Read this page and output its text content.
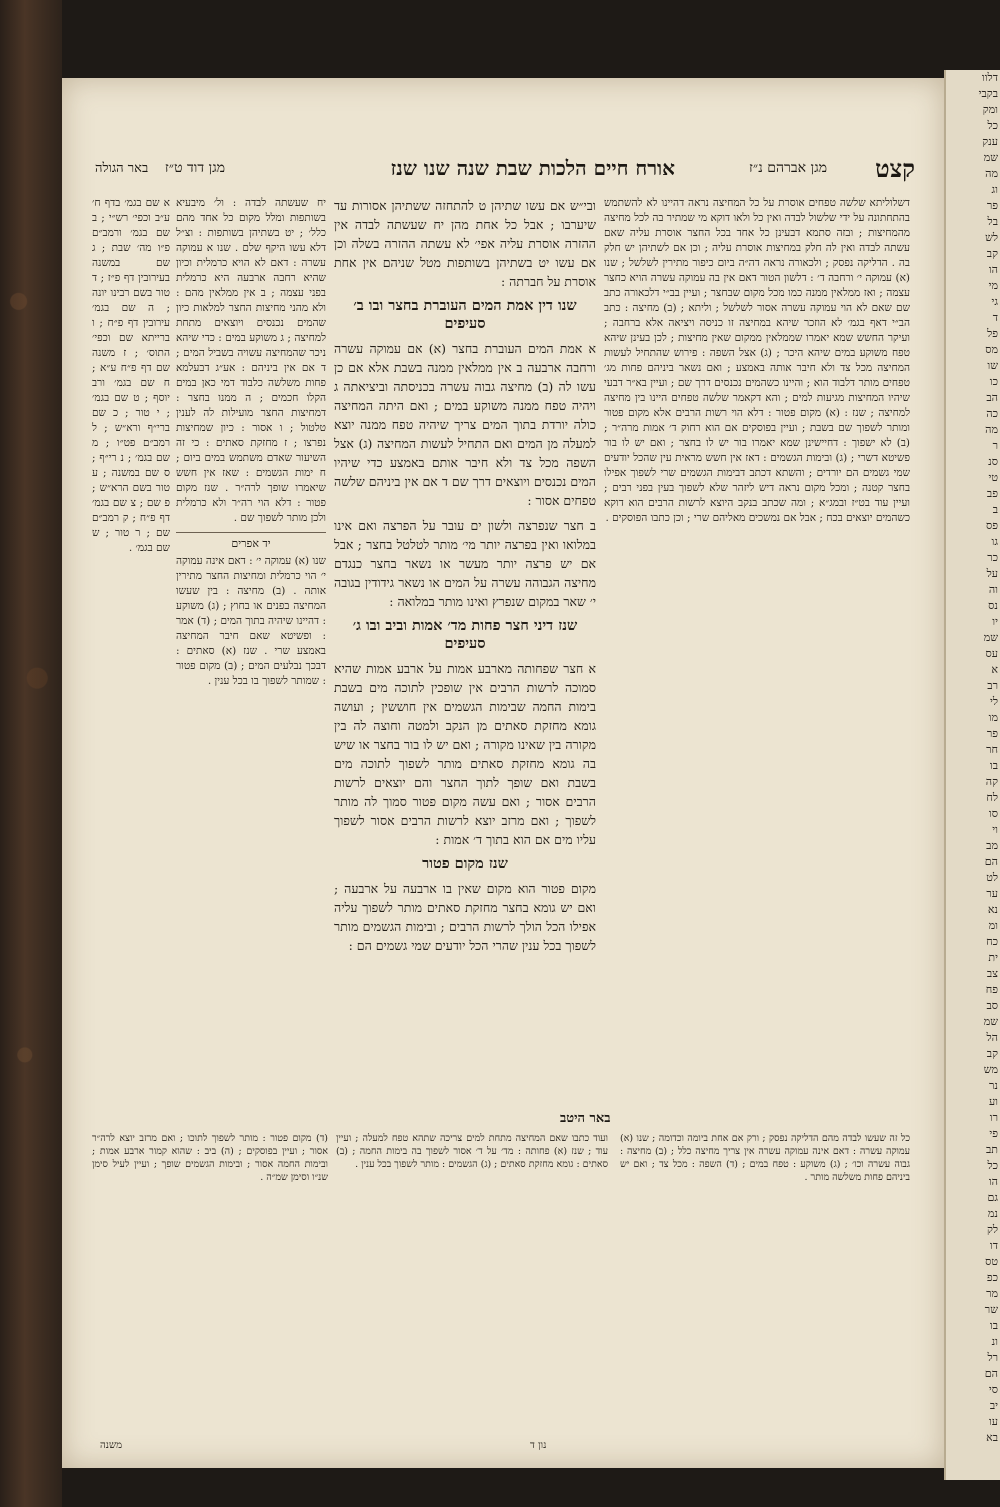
דלוו
בקבי
ומק
כל
ענק
שמ
מה
וג
פר
בל
לש
קב
הו
מי
גי
ד
פל
מס
שו
כו
הב
כה
מה
ר
סנ
טי
פב
ב
פס
גו
כר
על
וה
נס
יו
שמ
עס
א
רב
לי
מו
פר
חר
בו
קה
לח
סו
וי
מב
הם
לט
ער
נא
ומ
כח
ית
צב
פח
סב
שמ
הל
קב
מש
נר
וע
רו
פי
תב
כל
הו
גם
נמ
לק
דו
טס
כפ
מר
שר
בו
ונ
רל
הם
סי
יב
עו
בא
קצט
מגן אברהם נ״ז
אורח חיים הלכות שבת שנה שנו שנז
מגן דוד ט״ז
באר הגולה

א שם בגמ׳ בדף ח׳ ע״ב וכפי׳ רש״י ; ב שם בגמ׳ ורמב״ם פ״ו מה׳ שבת ; ג שם במשנה בעירובין דף פ״ז ; ד טור בשם רבינו יונה ; ה שם בגמ׳ עירובין דף פ״ח ; ו ברייתא שם וכפי׳ התוס׳ ; ז משנה שם דף פ״ח ע״א ; ח שם בגמ׳ ורב יוסף ; ט שם בגמ׳ ; י טור ; כ שם ברי״ף ורא״ש ; ל רמב״ם פט״ו ; מ שם בגמ׳ ; נ רי״ף ; ס שם במשנה ; ע טור בשם הרא״ש ; פ שם ; צ שם בגמ׳ דף פ״ח ; ק רמב״ם שם ; ר טור ; ש שם בגמ׳ .

יח שעשתה לבדה : ול׳ מיבעיא בשותפות ומלל מקום כל אחד מהם כלל׳ ; יט בשתיהן בשותפות : וצ״ל דלא עשו היקף שלם . שנו א עמוקה עשרה : דאם לא הויא כרמלית וכיון שהיא רחבה ארבעה היא כרמלית בפני עצמה ; ב אין ממלאין מהם : ולא מהני מחיצות החצר למלאות כיון שהמים נכנסים ויוצאים מתחת למחיצה ; ג משוקע במים : כדי שיהא ניכר שהמחיצה עשויה בשביל המים ; ד אם אין ביניהם : אע״ג דבעלמא פחות משלשה כלבוד דמי כאן במים הקלו חכמים ; ה ממנו בחצר : דמחיצות החצר מועילות לה לענין טלטול ; ו אסור : כיון שמחיצות נפרצו ; ז מחזקת סאתים : כי זה השיעור שאדם משתמש במים ביום ; ח ימות הגשמים : שאז אין חשש שיאמרו שופך לרה״ר . שנז מקום פטור : דלא הוי רה״ר ולא כרמלית ולכן מותר לשפוך שם .

יד אפרים

שנו (א) עמוקה י׳ : דאם אינה עמוקה י׳ הוי כרמלית ומחיצות החצר מתירין אותה . (ב) מחיצה : בין שעשו המחיצה בפנים או בחוץ ; (ג) משוקע : דהיינו שיהיה בתוך המים ; (ד) אמר : ופשיטא שאם חיבר המחיצה באמצע שרי . שנז (א) סאתים : דבכך נבלעים המים ; (ב) מקום פטור : שמותר לשפוך בו בכל ענין .

ובי״ש אם עשו שתיהן ט להתחזה ששתיהן אסורות עד שיערבו ; אבל כל אחת מהן יח שעשתה לבדה אין ההזרה אוסרת עליה אפי׳ לא עשתה ההזרה בשלה וכן אם עשו יט בשתיהן בשותפות מטל שניהם אין אחת אוסרת על חברתה :

שנו דין אמת המים העוברת בחצר ובו ב׳ סעיפים

א אמת המים העוברת בחצר (א) אם עמוקה עשרה ורחבה ארבעה ב אין ממלאין ממנה בשבת אלא אם כן עשו לה (ב) מחיצה גבוה עשרה בכניסתה וביציאתה ג ויהיה טפח ממנה משוקע במים ; ואם היתה המחיצה כולה יורדת בתוך המים צריך שיהיה טפח ממנה יוצא למעלה מן המים ואם התחיל לעשות המחיצה (ג) אצל השפה מכל צד ולא חיבר אותם באמצע כדי שיהיו המים נכנסים ויוצאים דרך שם ד אם אין ביניהם שלשה טפחים אסור :

ב חצר שנפרצה ולשון ים עובר על הפרצה ואם אינו במלואו ואין בפרצה יותר מי׳ מותר לטלטל בחצר ; אבל אם יש פרצה יותר מעשר או נשאר בחצר כנגדם מחיצה הגבוהה עשרה על המים או נשאר גידודין בגובה י׳ שאר במקום שנפרץ ואינו מותר במלואה :

שנז דיני חצר פחות מד׳ אמות וביב ובו ג׳ סעיפים

א חצר שפחותה מארבע אמות על ארבע אמות שהיא סמוכה לרשות הרבים אין שופכין לתוכה מים בשבת בימות החמה שבימות הגשמים אין חוששין ; ועושה גומא מחזקת סאתים מן הנקב ולמטה וחוצה לה בין מקורה בין שאינו מקורה ; ואם יש לו בור בחצר או שיש בה גומא מחזקת סאתים מותר לשפוך לתוכה מים בשבת ואם שופך לתוך החצר והם יוצאים לרשות הרבים אסור ; ואם עשה מקום פטור סמוך לה מותר לשפוך ; ואם מרזב יוצא לרשות הרבים אסור לשפוך עליו מים אם הוא בתוך ד׳ אמות :

שנז מקום פטור

מקום פטור הוא מקום שאין בו ארבעה על ארבעה ; ואם יש גומא בחצר מחזקת סאתים מותר לשפוך עליה אפילו הכל הולך לרשות הרבים ; ובימות הגשמים מותר לשפוך בכל ענין שהרי הכל יודעים שמי גשמים הם :

דשלוליתא שלשה טפחים אוסרת על כל המחיצה נראה דהיינו לא להשתמש בהתחתונה על ידי שלשול לבדה ואין כל ולאו דוקא מי שמתיר בה לכל מחיצה מהמחיצות ; ובזה סתמא דבעינן כל אחד בכל החצר אוסרת עליה שאם עשתה לבדה ואין לה חלק במחיצות אוסרת עליה ; וכן אם לשתיהן יש חלק בה . הדליקה נפסק ; ולכאורה נראה דה״ה ביום כיפור מתירין לשלשל ; שנו (א) עמוקה י׳ ורחבה ד׳ : דלשון הטור דאם אין בה עמוקה עשרה הויא כחצר עצמה ; ואז ממלאין ממנה כמו מכל מקום שבחצר ; ועיין בב״י דלכאורה כתב שם שאם לא הוי עמוקה עשרה אסור לשלשל ; וליתא ; (ב) מחיצה : כתב הב״י דאף בגמ׳ לא הוזכר שיהא במחיצה זו כניסה ויציאה אלא ברחבה ; ועיקר החשש שמא יאמרו שממלאין ממקום שאין מחיצות ; לכן בעינן שיהא טפח משוקע במים שיהא היכר ; (ג) אצל השפה : פירוש שהתחיל לעשות המחיצה מכל צד ולא חיבר אותה באמצע ; ואם נשאר ביניהם פחות מג׳ טפחים מותר דלבוד הוא ; והיינו כשהמים נכנסים דרך שם ; ועיין בא״ר דבעי שיהיו המחיצות מגיעות למים ; והא דקאמר שלשה טפחים היינו בין מחיצה למחיצה ; שנז : (א) מקום פטור : דלא הוי רשות הרבים אלא מקום פטור ומותר לשפוך שם בשבת ; ועיין בפוסקים אם הוא רחוק ד׳ אמות מרה״ר ; (ב) לא ישפוך : דחיישינן שמא יאמרו בור יש לו בחצר ; ואם יש לו בור פשיטא דשרי ; (ג) ובימות הגשמים : דאז אין חשש מראית עין שהכל יודעים שמי גשמים הם יורדים ; והשתא דכתב דבימות הגשמים שרי לשפוך אפילו בחצר קטנה ; ומכל מקום נראה דיש ליזהר שלא לשפוך בעין בפני רבים ; ועיין עוד בט״ז ובמג״א ; ומה שכתב בנקב היוצא לרשות הרבים הוא דוקא כשהמים יוצאים בכח ; אבל אם נמשכים מאליהם שרי ; וכן כתבו הפוסקים .

באר היטב

כל זה שעשו לבדה מהם הדליקה נפסק ; ורק אם אחת ביומה וכדומה ; שנו (א) עמוקה עשרה : דאם אינה עמוקה עשרה אין צריך מחיצה כלל ; (ב) מחיצה : גבוה עשרה וכו׳ ; (ג) משוקע : טפח במים ; (ד) השפה : מכל צד ; ואם יש ביניהם פחות משלשה מותר .

ועוד כתבו שאם המחיצה מתחת למים צריכה שתהא טפח למעלה ; ועיין עוד ; שנז (א) פחותה : מד׳ על ד׳ אסור לשפוך בה בימות החמה ; (ב) סאתים : גומא מחזקת סאתים ; (ג) הגשמים : מותר לשפוך בכל ענין .

(ד) מקום פטור : מותר לשפוך לתוכו ; ואם מרזב יוצא לרה״ר אסור ; ועיין בפוסקים ; (ה) ביב : שהוא קמור ארבע אמות ; ובימות החמה אסור ; ובימות הגשמים שופך ; ועיין לעיל סימן שנ״ו וסימן שמ״ה .

נון ד
משנה
